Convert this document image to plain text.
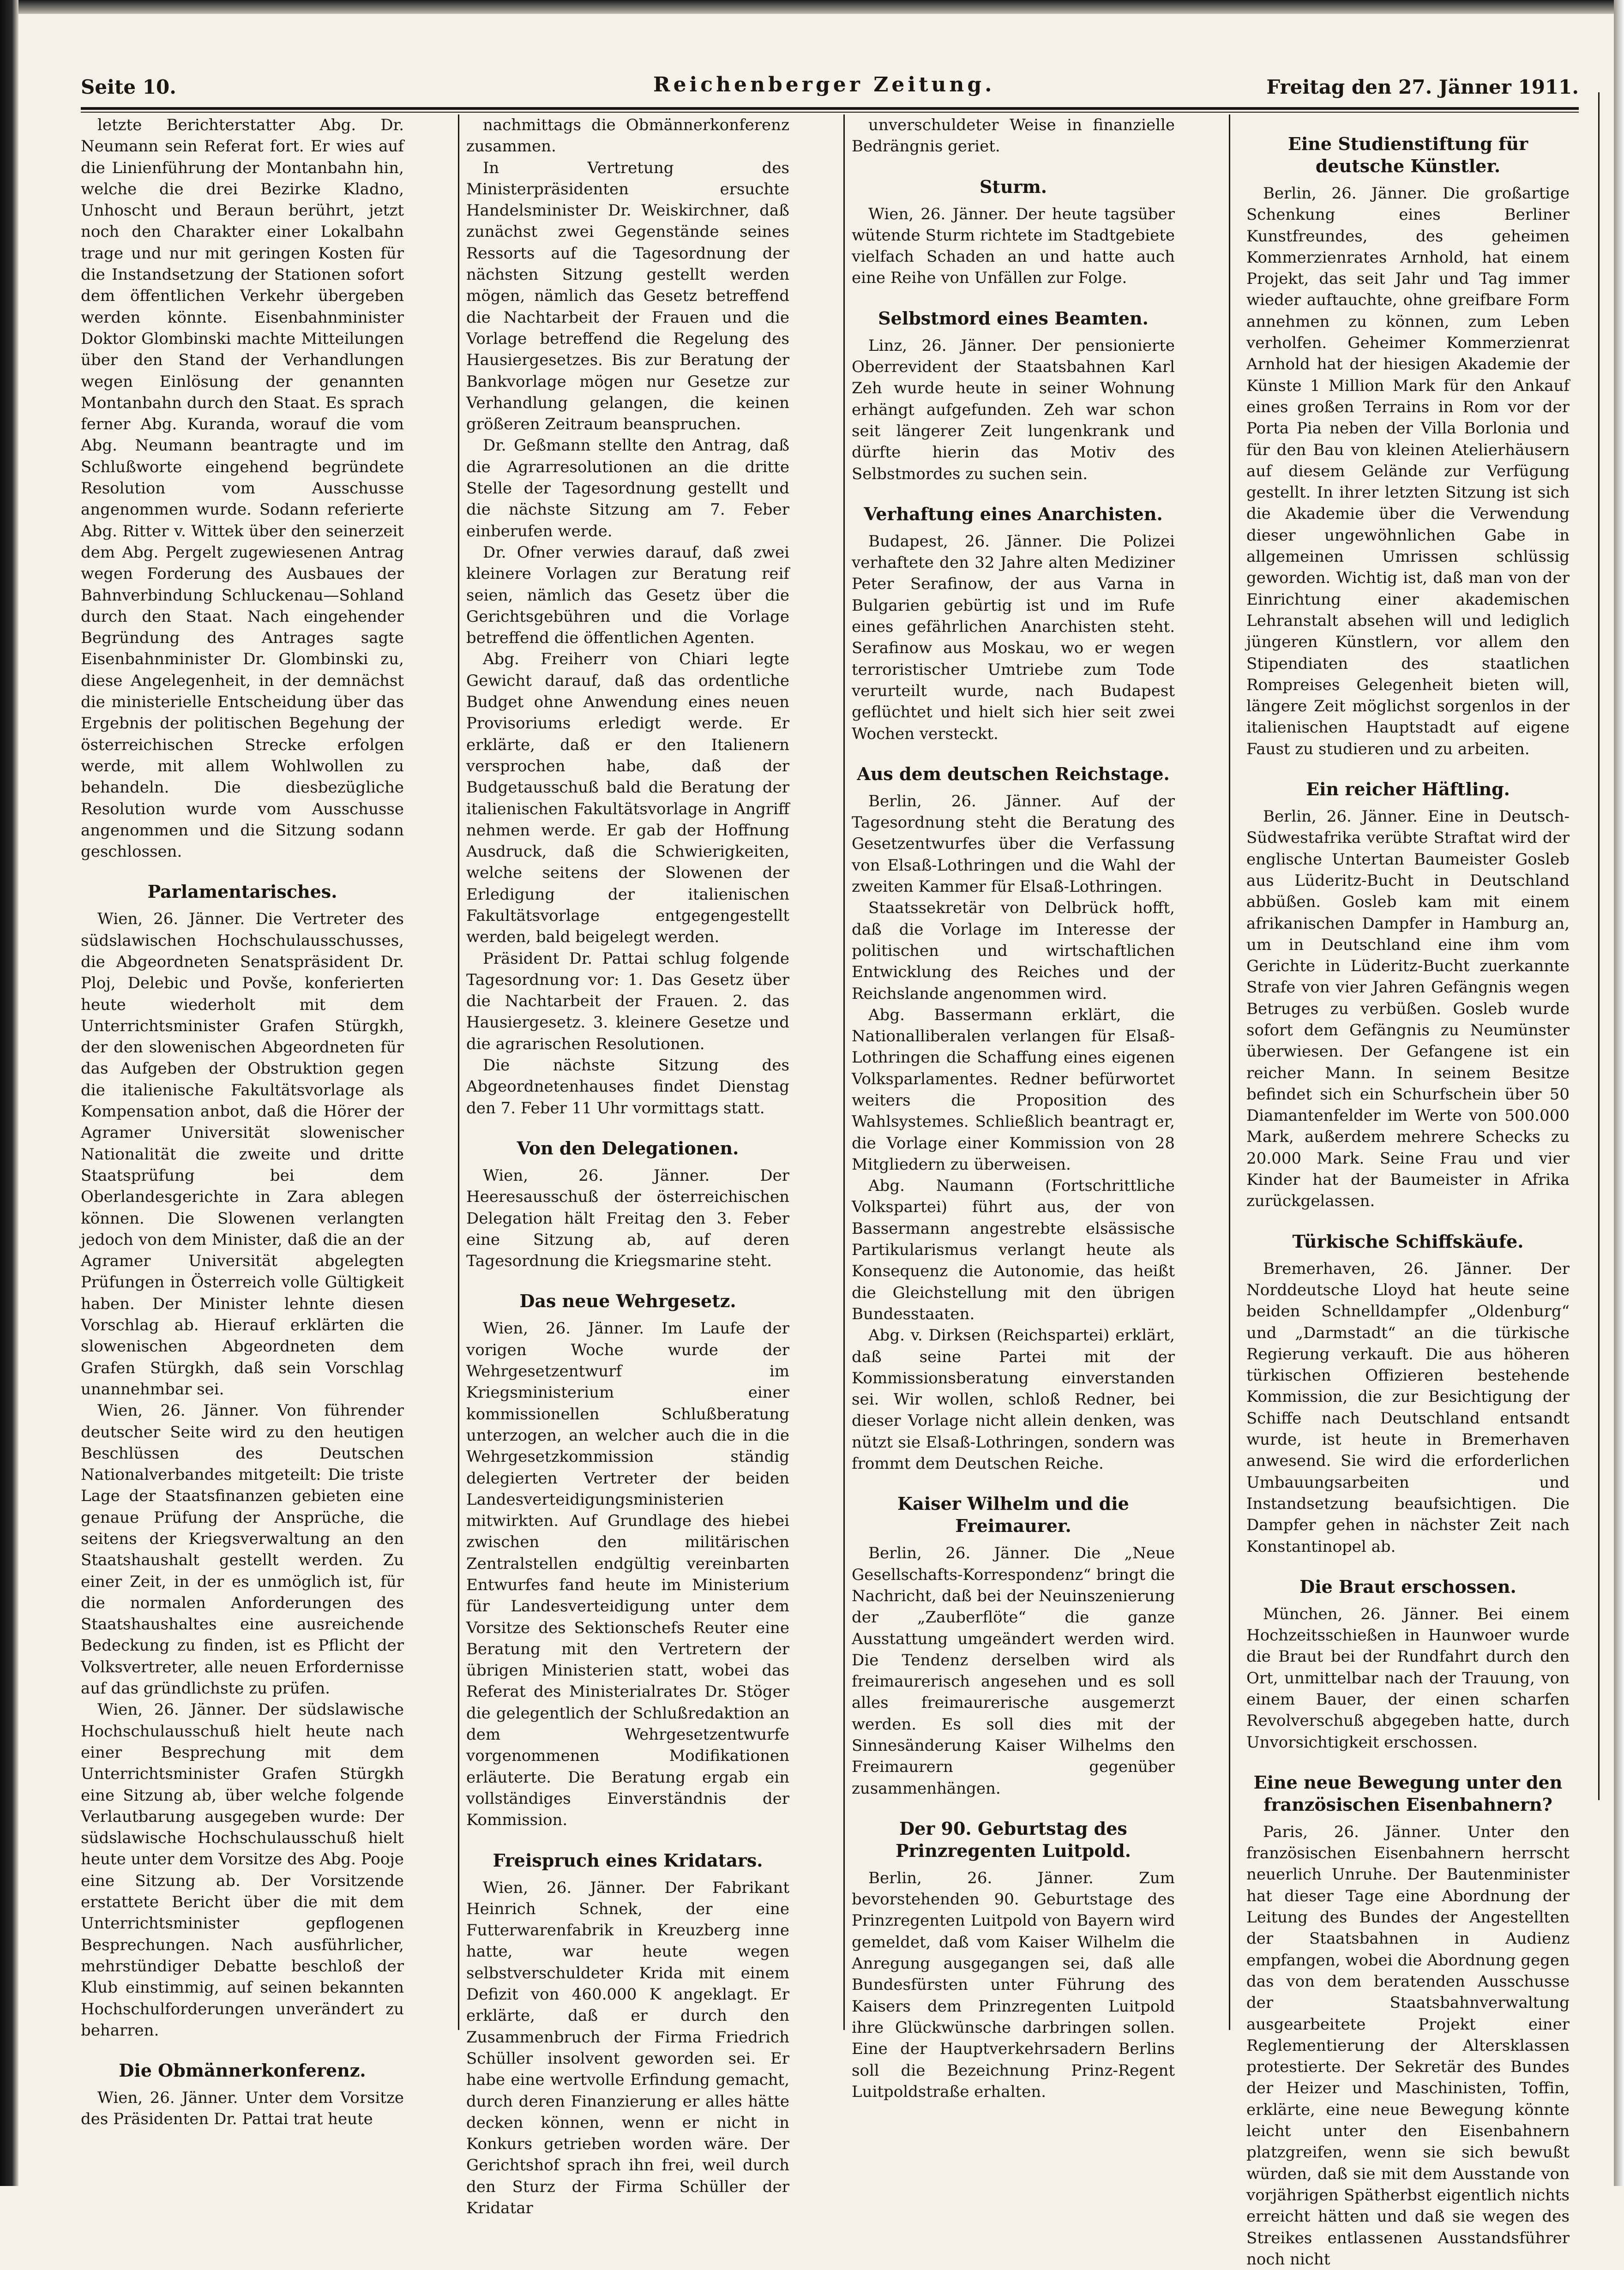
Seite 10.	Reichenberger Zeitung.	Freitag den 27. Jänner 1911.

letzte Berichterstatter Abg. Dr. Neumann sein Referat fort. Er wies auf die Linienführung der Montanbahn hin, welche die drei Bezirke Kladno, Unhoscht und Beraun berührt, jetzt noch den Charakter einer Lokalbahn trage und nur mit geringen Kosten für die Instandsetzung der Stationen sofort dem öffentlichen Verkehr übergeben werden könnte. Eisenbahnminister Doktor Glombinski machte Mitteilungen über den Stand der Verhandlungen wegen Einlösung der genannten Montanbahn durch den Staat. Es sprach ferner Abg. Kuranda, worauf die vom Abg. Neumann beantragte und im Schlußworte eingehend begründete Resolution vom Ausschusse angenommen wurde. Sodann referierte Abg. Ritter v. Wittek über den seinerzeit dem Abg. Pergelt zugewiesenen Antrag wegen Forderung des Ausbaues der Bahnverbindung Schluckenau—Sohland durch den Staat. Nach eingehender Begründung des Antrages sagte Eisenbahnminister Dr. Glombinski zu, diese Angelegenheit, in der demnächst die ministerielle Entscheidung über das Ergebnis der politischen Begehung der österreichischen Strecke erfolgen werde, mit allem Wohlwollen zu behandeln. Die diesbezügliche Resolution wurde vom Ausschusse angenommen und die Sitzung sodann geschlossen.

Parlamentarisches.

Wien, 26. Jänner. Die Vertreter des südslawischen Hochschulausschusses, die Abgeordneten Senatspräsident Dr. Ploj, Delebic und Povše, konferierten heute wiederholt mit dem Unterrichtsminister Grafen Stürgkh, der den slowenischen Abgeordneten für das Aufgeben der Obstruktion gegen die italienische Fakultätsvorlage als Kompensation anbot, daß die Hörer der Agramer Universität slowenischer Nationalität die zweite und dritte Staatsprüfung bei dem Oberlandesgerichte in Zara ablegen können. Die Slowenen verlangten jedoch von dem Minister, daß die an der Agramer Universität abgelegten Prüfungen in Österreich volle Gültigkeit haben. Der Minister lehnte diesen Vorschlag ab. Hierauf erklärten die slowenischen Abgeordneten dem Grafen Stürgkh, daß sein Vorschlag unannehmbar sei.

Wien, 26. Jänner. Von führender deutscher Seite wird zu den heutigen Beschlüssen des Deutschen Nationalverbandes mitgeteilt: Die triste Lage der Staatsfinanzen gebieten eine genaue Prüfung der Ansprüche, die seitens der Kriegsverwaltung an den Staatshaushalt gestellt werden. Zu einer Zeit, in der es unmöglich ist, für die normalen Anforderungen des Staatshaushaltes eine ausreichende Bedeckung zu finden, ist es Pflicht der Volksvertreter, alle neuen Erfordernisse auf das gründlichste zu prüfen.

Wien, 26. Jänner. Der südslawische Hochschulausschuß hielt heute nach einer Besprechung mit dem Unterrichtsminister Grafen Stürgkh eine Sitzung ab, über welche folgende Verlautbarung ausgegeben wurde: Der südslawische Hochschulausschuß hielt heute unter dem Vorsitze des Abg. Pooje eine Sitzung ab. Der Vorsitzende erstattete Bericht über die mit dem Unterrichtsminister gepflogenen Besprechungen. Nach ausführlicher, mehrstündiger Debatte beschloß der Klub einstimmig, auf seinen bekannten Hochschulforderungen unverändert zu beharren.

Die Obmännerkonferenz.

Wien, 26. Jänner. Unter dem Vorsitze des Präsidenten Dr. Pattai trat heute

nachmittags die Obmännerkonferenz zusammen.

In Vertretung des Ministerpräsidenten ersuchte Handelsminister Dr. Weiskirchner, daß zunächst zwei Gegenstände seines Ressorts auf die Tagesordnung der nächsten Sitzung gestellt werden mögen, nämlich das Gesetz betreffend die Nachtarbeit der Frauen und die Vorlage betreffend die Regelung des Hausiergesetzes. Bis zur Beratung der Bankvorlage mögen nur Gesetze zur Verhandlung gelangen, die keinen größeren Zeitraum beanspruchen.

Dr. Geßmann stellte den Antrag, daß die Agrarresolutionen an die dritte Stelle der Tagesordnung gestellt und die nächste Sitzung am 7. Feber einberufen werde.

Dr. Ofner verwies darauf, daß zwei kleinere Vorlagen zur Beratung reif seien, nämlich das Gesetz über die Gerichtsgebühren und die Vorlage betreffend die öffentlichen Agenten.

Abg. Freiherr von Chiari legte Gewicht darauf, daß das ordentliche Budget ohne Anwendung eines neuen Provisoriums erledigt werde. Er erklärte, daß er den Italienern versprochen habe, daß der Budgetausschuß bald die Beratung der italienischen Fakultätsvorlage in Angriff nehmen werde. Er gab der Hoffnung Ausdruck, daß die Schwierigkeiten, welche seitens der Slowenen der Erledigung der italienischen Fakultätsvorlage entgegengestellt werden, bald beigelegt werden.

Präsident Dr. Pattai schlug folgende Tagesordnung vor: 1. Das Gesetz über die Nachtarbeit der Frauen. 2. das Hausiergesetz. 3. kleinere Gesetze und die agrarischen Resolutionen.

Die nächste Sitzung des Abgeordnetenhauses findet Dienstag den 7. Feber 11 Uhr vormittags statt.

Von den Delegationen.

Wien, 26. Jänner. Der Heeresausschuß der österreichischen Delegation hält Freitag den 3. Feber eine Sitzung ab, auf deren Tagesordnung die Kriegsmarine steht.

Das neue Wehrgesetz.

Wien, 26. Jänner. Im Laufe der vorigen Woche wurde der Wehrgesetzentwurf im Kriegsministerium einer kommissionellen Schlußberatung unterzogen, an welcher auch die in die Wehrgesetzkommission ständig delegierten Vertreter der beiden Landesverteidigungsministerien mitwirkten. Auf Grundlage des hiebei zwischen den militärischen Zentralstellen endgültig vereinbarten Entwurfes fand heute im Ministerium für Landesverteidigung unter dem Vorsitze des Sektionschefs Reuter eine Beratung mit den Vertretern der übrigen Ministerien statt, wobei das Referat des Ministerialrates Dr. Stöger die gelegentlich der Schlußredaktion an dem Wehrgesetzentwurfe vorgenommenen Modifikationen erläuterte. Die Beratung ergab ein vollständiges Einverständnis der Kommission.

Freispruch eines Kridatars.

Wien, 26. Jänner. Der Fabrikant Heinrich Schnek, der eine Futterwarenfabrik in Kreuzberg inne hatte, war heute wegen selbstverschuldeter Krida mit einem Defizit von 460.000 K angeklagt. Er erklärte, daß er durch den Zusammenbruch der Firma Friedrich Schüller insolvent geworden sei. Er habe eine wertvolle Erfindung gemacht, durch deren Finanzierung er alles hätte decken können, wenn er nicht in Konkurs getrieben worden wäre. Der Gerichtshof sprach ihn frei, weil durch den Sturz der Firma Schüller der Kridatar

unverschuldeter Weise in finanzielle Bedrängnis geriet.

Sturm.

Wien, 26. Jänner. Der heute tagsüber wütende Sturm richtete im Stadtgebiete vielfach Schaden an und hatte auch eine Reihe von Unfällen zur Folge.

Selbstmord eines Beamten.

Linz, 26. Jänner. Der pensionierte Oberrevident der Staatsbahnen Karl Zeh wurde heute in seiner Wohnung erhängt aufgefunden. Zeh war schon seit längerer Zeit lungenkrank und dürfte hierin das Motiv des Selbstmordes zu suchen sein.

Verhaftung eines Anarchisten.

Budapest, 26. Jänner. Die Polizei verhaftete den 32 Jahre alten Mediziner Peter Serafinow, der aus Varna in Bulgarien gebürtig ist und im Rufe eines gefährlichen Anarchisten steht. Serafinow aus Moskau, wo er wegen terroristischer Umtriebe zum Tode verurteilt wurde, nach Budapest geflüchtet und hielt sich hier seit zwei Wochen versteckt.

Aus dem deutschen Reichstage.

Berlin, 26. Jänner. Auf der Tagesordnung steht die Beratung des Gesetzentwurfes über die Verfassung von Elsaß-Lothringen und die Wahl der zweiten Kammer für Elsaß-Lothringen.

Staatssekretär von Delbrück hofft, daß die Vorlage im Interesse der politischen und wirtschaftlichen Entwicklung des Reiches und der Reichslande angenommen wird.

Abg. Bassermann erklärt, die Nationalliberalen verlangen für Elsaß-Lothringen die Schaffung eines eigenen Volksparlamentes. Redner befürwortet weiters die Proposition des Wahlsystemes. Schließlich beantragt er, die Vorlage einer Kommission von 28 Mitgliedern zu überweisen.

Abg. Naumann (Fortschrittliche Volkspartei) führt aus, der von Bassermann angestrebte elsässische Partikularismus verlangt heute als Konsequenz die Autonomie, das heißt die Gleichstellung mit den übrigen Bundesstaaten.

Abg. v. Dirksen (Reichspartei) erklärt, daß seine Partei mit der Kommissionsberatung einverstanden sei. Wir wollen, schloß Redner, bei dieser Vorlage nicht allein denken, was nützt sie Elsaß-Lothringen, sondern was frommt dem Deutschen Reiche.

Kaiser Wilhelm und die Freimaurer.

Berlin, 26. Jänner. Die „Neue Gesellschafts-Korrespondenz“ bringt die Nachricht, daß bei der Neuinszenierung der „Zauberflöte“ die ganze Ausstattung umgeändert werden wird. Die Tendenz derselben wird als freimaurerisch angesehen und es soll alles freimaurerische ausgemerzt werden. Es soll dies mit der Sinnesänderung Kaiser Wilhelms den Freimaurern gegenüber zusammenhängen.

Der 90. Geburtstag des Prinzregenten Luitpold.

Berlin, 26. Jänner. Zum bevorstehenden 90. Geburtstage des Prinzregenten Luitpold von Bayern wird gemeldet, daß vom Kaiser Wilhelm die Anregung ausgegangen sei, daß alle Bundesfürsten unter Führung des Kaisers dem Prinzregenten Luitpold ihre Glückwünsche darbringen sollen. Eine der Hauptverkehrsadern Berlins soll die Bezeichnung Prinz-Regent Luitpoldstraße erhalten.

Eine Studienstiftung für deutsche Künstler.

Berlin, 26. Jänner. Die großartige Schenkung eines Berliner Kunstfreundes, des geheimen Kommerzienrates Arnhold, hat einem Projekt, das seit Jahr und Tag immer wieder auftauchte, ohne greifbare Form annehmen zu können, zum Leben verholfen. Geheimer Kommerzienrat Arnhold hat der hiesigen Akademie der Künste 1 Million Mark für den Ankauf eines großen Terrains in Rom vor der Porta Pia neben der Villa Borlonia und für den Bau von kleinen Atelierhäusern auf diesem Gelände zur Verfügung gestellt. In ihrer letzten Sitzung ist sich die Akademie über die Verwendung dieser ungewöhnlichen Gabe in allgemeinen Umrissen schlüssig geworden. Wichtig ist, daß man von der Einrichtung einer akademischen Lehranstalt absehen will und lediglich jüngeren Künstlern, vor allem den Stipendiaten des staatlichen Rompreises Gelegenheit bieten will, längere Zeit möglichst sorgenlos in der italienischen Hauptstadt auf eigene Faust zu studieren und zu arbeiten.

Ein reicher Häftling.

Berlin, 26. Jänner. Eine in Deutsch-Südwestafrika verübte Straftat wird der englische Untertan Baumeister Gosleb aus Lüderitz-Bucht in Deutschland abbüßen. Gosleb kam mit einem afrikanischen Dampfer in Hamburg an, um in Deutschland eine ihm vom Gerichte in Lüderitz-Bucht zuerkannte Strafe von vier Jahren Gefängnis wegen Betruges zu verbüßen. Gosleb wurde sofort dem Gefängnis zu Neumünster überwiesen. Der Gefangene ist ein reicher Mann. In seinem Besitze befindet sich ein Schurfschein über 50 Diamantenfelder im Werte von 500.000 Mark, außerdem mehrere Schecks zu 20.000 Mark. Seine Frau und vier Kinder hat der Baumeister in Afrika zurückgelassen.

Türkische Schiffskäufe.

Bremerhaven, 26. Jänner. Der Norddeutsche Lloyd hat heute seine beiden Schnelldampfer „Oldenburg“ und „Darmstadt“ an die türkische Regierung verkauft. Die aus höheren türkischen Offizieren bestehende Kommission, die zur Besichtigung der Schiffe nach Deutschland entsandt wurde, ist heute in Bremerhaven anwesend. Sie wird die erforderlichen Umbauungsarbeiten und Instandsetzung beaufsichtigen. Die Dampfer gehen in nächster Zeit nach Konstantinopel ab.

Die Braut erschossen.

München, 26. Jänner. Bei einem Hochzeitsschießen in Haunwoer wurde die Braut bei der Rundfahrt durch den Ort, unmittelbar nach der Trauung, von einem Bauer, der einen scharfen Revolverschuß abgegeben hatte, durch Unvorsichtigkeit erschossen.

Eine neue Bewegung unter den französischen Eisenbahnern?

Paris, 26. Jänner. Unter den französischen Eisenbahnern herrscht neuerlich Unruhe. Der Bautenminister hat dieser Tage eine Abordnung der Leitung des Bundes der Angestellten der Staatsbahnen in Audienz empfangen, wobei die Abordnung gegen das von dem beratenden Ausschusse der Staatsbahnverwaltung ausgearbeitete Projekt einer Reglementierung der Altersklassen protestierte. Der Sekretär des Bundes der Heizer und Maschinisten, Toffin, erklärte, eine neue Bewegung könnte leicht unter den Eisenbahnern platzgreifen, wenn sie sich bewußt würden, daß sie mit dem Ausstande von vorjährigen Spätherbst eigentlich nichts erreicht hätten und daß sie wegen des Streikes entlassenen Ausstandsführer noch nicht
